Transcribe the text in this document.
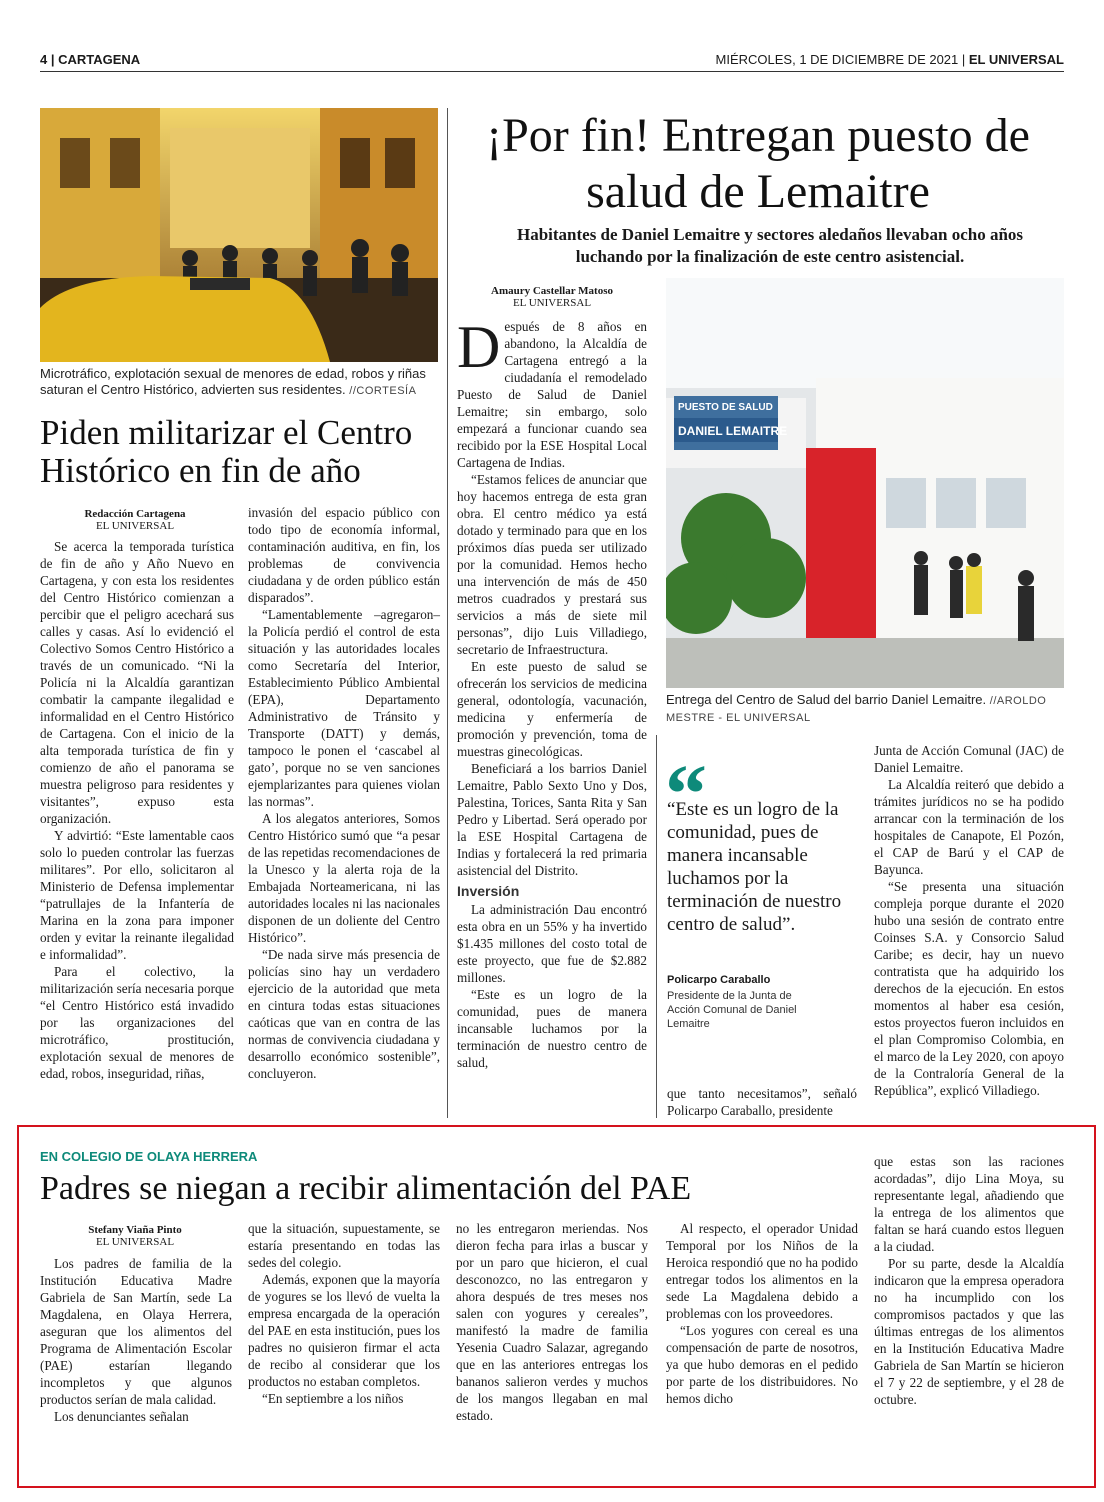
4 | CARTAGENA	MIÉRCOLES, 1 DE DICIEMBRE DE 2021 | EL UNIVERSAL
Microtráfico, explotación sexual de menores de edad, robos y riñas saturan el Centro Histórico, advierten sus residentes. //CORTESÍA
Piden militarizar el Centro Histórico en fin de año
Redacción Cartagena
EL UNIVERSAL

Se acerca la temporada turística de fin de año y Año Nuevo en Cartagena, y con esta los residentes del Centro Histórico comienzan a percibir que el peligro acechará sus calles y casas. Así lo evidenció el Colectivo Somos Centro Histórico a través de un comunicado. “Ni la Policía ni la Alcaldía garantizan combatir la campante ilegalidad e informalidad en el Centro Histórico de Cartagena. Con el inicio de la alta temporada turística de fin y comienzo de año el panorama se muestra peligroso para residentes y visitantes”, expuso esta organización.

Y advirtió: “Este lamentable caos solo lo pueden controlar las fuerzas militares”. Por ello, solicitaron al Ministerio de Defensa implementar “patrullajes de la Infantería de Marina en la zona para imponer orden y evitar la reinante ilegalidad e informalidad”.

Para el colectivo, la militarización sería necesaria porque “el Centro Histórico está invadido por las organizaciones del microtráfico, prostitución, explotación sexual de menores de edad, robos, inseguridad, riñas,

invasión del espacio público con todo tipo de economía informal, contaminación auditiva, en fin, los problemas de convivencia ciudadana y de orden público están disparados”.

“Lamentablemente –agregaron– la Policía perdió el control de esta situación y las autoridades locales como Secretaría del Interior, Establecimiento Público Ambiental (EPA), Departamento Administrativo de Tránsito y Transporte (DATT) y demás, tampoco le ponen el ‘cascabel al gato’, porque no se ven sanciones ejemplarizantes para quienes violan las normas”.

A los alegatos anteriores, Somos Centro Histórico sumó que “a pesar de las repetidas recomendaciones de la Unesco y la alerta roja de la Embajada Norteamericana, ni las autoridades locales ni las nacionales disponen de un doliente del Centro Histórico”.

“De nada sirve más presencia de policías sino hay un verdadero ejercicio de la autoridad que meta en cintura todas estas situaciones caóticas que van en contra de las normas de convivencia ciudadana y desarrollo económico sostenible”, concluyeron.

¡Por fin! Entregan puesto de salud de Lemaitre
Habitantes de Daniel Lemaitre y sectores aledaños llevaban ocho años luchando por la finalización de este centro asistencial.
Amaury Castellar Matoso
EL UNIVERSAL
D espués de 8 años en abandono, la Alcaldía de Cartagena entregó a la ciudadanía el remodelado Puesto de Salud de Daniel Lemaitre; sin embargo, solo empezará a funcionar cuando sea recibido por la ESE Hospital Local Cartagena de Indias.

“Estamos felices de anunciar que hoy hacemos entrega de esta gran obra. El centro médico ya está dotado y terminado para que en los próximos días pueda ser utilizado por la comunidad. Hemos hecho una intervención de más de 450 metros cuadrados y prestará sus servicios a más de siete mil personas”, dijo Luis Villadiego, secretario de Infraestructura.

En este puesto de salud se ofrecerán los servicios de medicina general, odontología, vacunación, medicina y enfermería de promoción y prevención, toma de muestras ginecológicas.

Beneficiará a los barrios Daniel Lemaitre, Pablo Sexto Uno y Dos, Palestina, Torices, Santa Rita y San Pedro y Libertad. Será operado por la ESE Hospital Cartagena de Indias y fortalecerá la red primaria asistencial del Distrito.

Inversión

La administración Dau encontró esta obra en un 55% y ha invertido $1.435 millones del costo total de este proyecto, que fue de $2.882 millones.

“Este es un logro de la comunidad, pues de manera incansable luchamos por la terminación de nuestro centro de salud,

PUESTO DE SALUD
DANIEL LEMAITRE
Entrega del Centro de Salud del barrio Daniel Lemaitre. //AROLDO MESTRE - EL UNIVERSAL
“
“Este es un logro de la comunidad, pues de manera incansable luchamos por la terminación de nuestro centro de salud”.
Policarpo Caraballo
Presidente de la Junta de Acción Comunal de Daniel Lemaitre

que tanto necesitamos”, señaló Policarpo Caraballo, presidente

Junta de Acción Comunal (JAC) de Daniel Lemaitre.

La Alcaldía reiteró que debido a trámites jurídicos no se ha podido arrancar con la terminación de los hospitales de Canapote, El Pozón, el CAP de Barú y el CAP de Bayunca.

“Se presenta una situación compleja porque durante el 2020 hubo una sesión de contrato entre Coinses S.A. y Consorcio Salud Caribe; es decir, hay un nuevo contratista que ha adquirido los derechos de la ejecución. En estos momentos al haber esa cesión, estos proyectos fueron incluidos en el plan Compromiso Colombia, en el marco de la Ley 2020, con apoyo de la Contraloría General de la República”, explicó Villadiego.

EN COLEGIO DE OLAYA HERRERA
Padres se niegan a recibir alimentación del PAE
Stefany Viaña Pinto
EL UNIVERSAL

Los padres de familia de la Institución Educativa Madre Gabriela de San Martín, sede La Magdalena, en Olaya Herrera, aseguran que los alimentos del Programa de Alimentación Escolar (PAE) estarían llegando incompletos y que algunos productos serían de mala calidad.

Los denunciantes señalan

que la situación, supuestamente, se estaría presentando en todas las sedes del colegio.

Además, exponen que la mayoría de yogures se los llevó de vuelta la empresa encargada de la operación del PAE en esta institución, pues los padres no quisieron firmar el acta de recibo al considerar que los productos no estaban completos.

“En septiembre a los niños

no les entregaron meriendas. Nos dieron fecha para irlas a buscar y por un paro que hicieron, el cual desconozco, no las entregaron y ahora después de tres meses nos salen con yogures y cereales”, manifestó la madre de familia Yesenia Cuadro Salazar, agregando que en las anteriores entregas los bananos salieron verdes y muchos de los mangos llegaban en mal estado.

Al respecto, el operador Unidad Temporal por los Niños de la Heroica respondió que no ha podido entregar todos los alimentos en la sede La Magdalena debido a problemas con los proveedores.

“Los yogures con cereal es una compensación de parte de nosotros, ya que hubo demoras en el pedido por parte de los distribuidores. No hemos dicho

que estas son las raciones acordadas”, dijo Lina Moya, su representante legal, añadiendo que la entrega de los alimentos que faltan se hará cuando estos lleguen a la ciudad.

Por su parte, desde la Alcaldía indicaron que la empresa operadora no ha incumplido con los compromisos pactados y que las últimas entregas de los alimentos en la Institución Educativa Madre Gabriela de San Martín se hicieron el 7 y 22 de septiembre, y el 28 de octubre.
